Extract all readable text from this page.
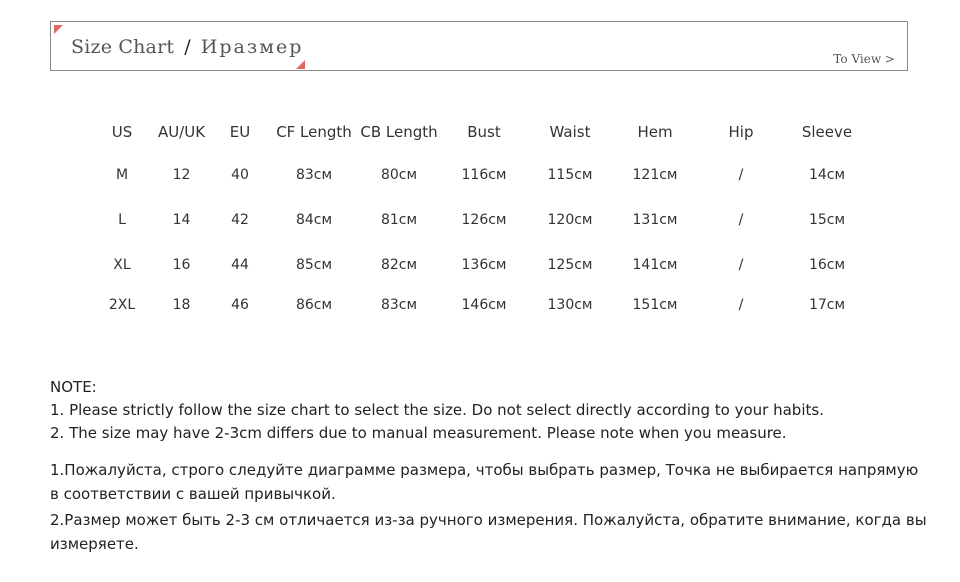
Size Chart / Иразмер
To View >
US	AU/UK	EU	CF Length	CB Length	Bust	Waist	Hem	Hip	Sleeve
M	12	40	83см	80см	116см	115см	121см	/	14см
L	14	42	84см	81см	126см	120см	131см	/	15см
XL	16	44	85см	82см	136см	125см	141см	/	16см
2XL	18	46	86см	83см	146см	130см	151см	/	17см

NOTE:

1. Please strictly follow the size chart to select the size. Do not select directly according to your habits.

2. The size may have 2-3cm differs due to manual measurement. Please note when you measure.

1.Пожалуйста, строго следуйте диаграмме размера, чтобы выбрать размер, Точка не выбирается напрямую в соответствии с вашей привычкой.

2.Размер может быть 2-3 см отличается из-за ручного измерения. Пожалуйста, обратите внимание, когда вы измеряете.
